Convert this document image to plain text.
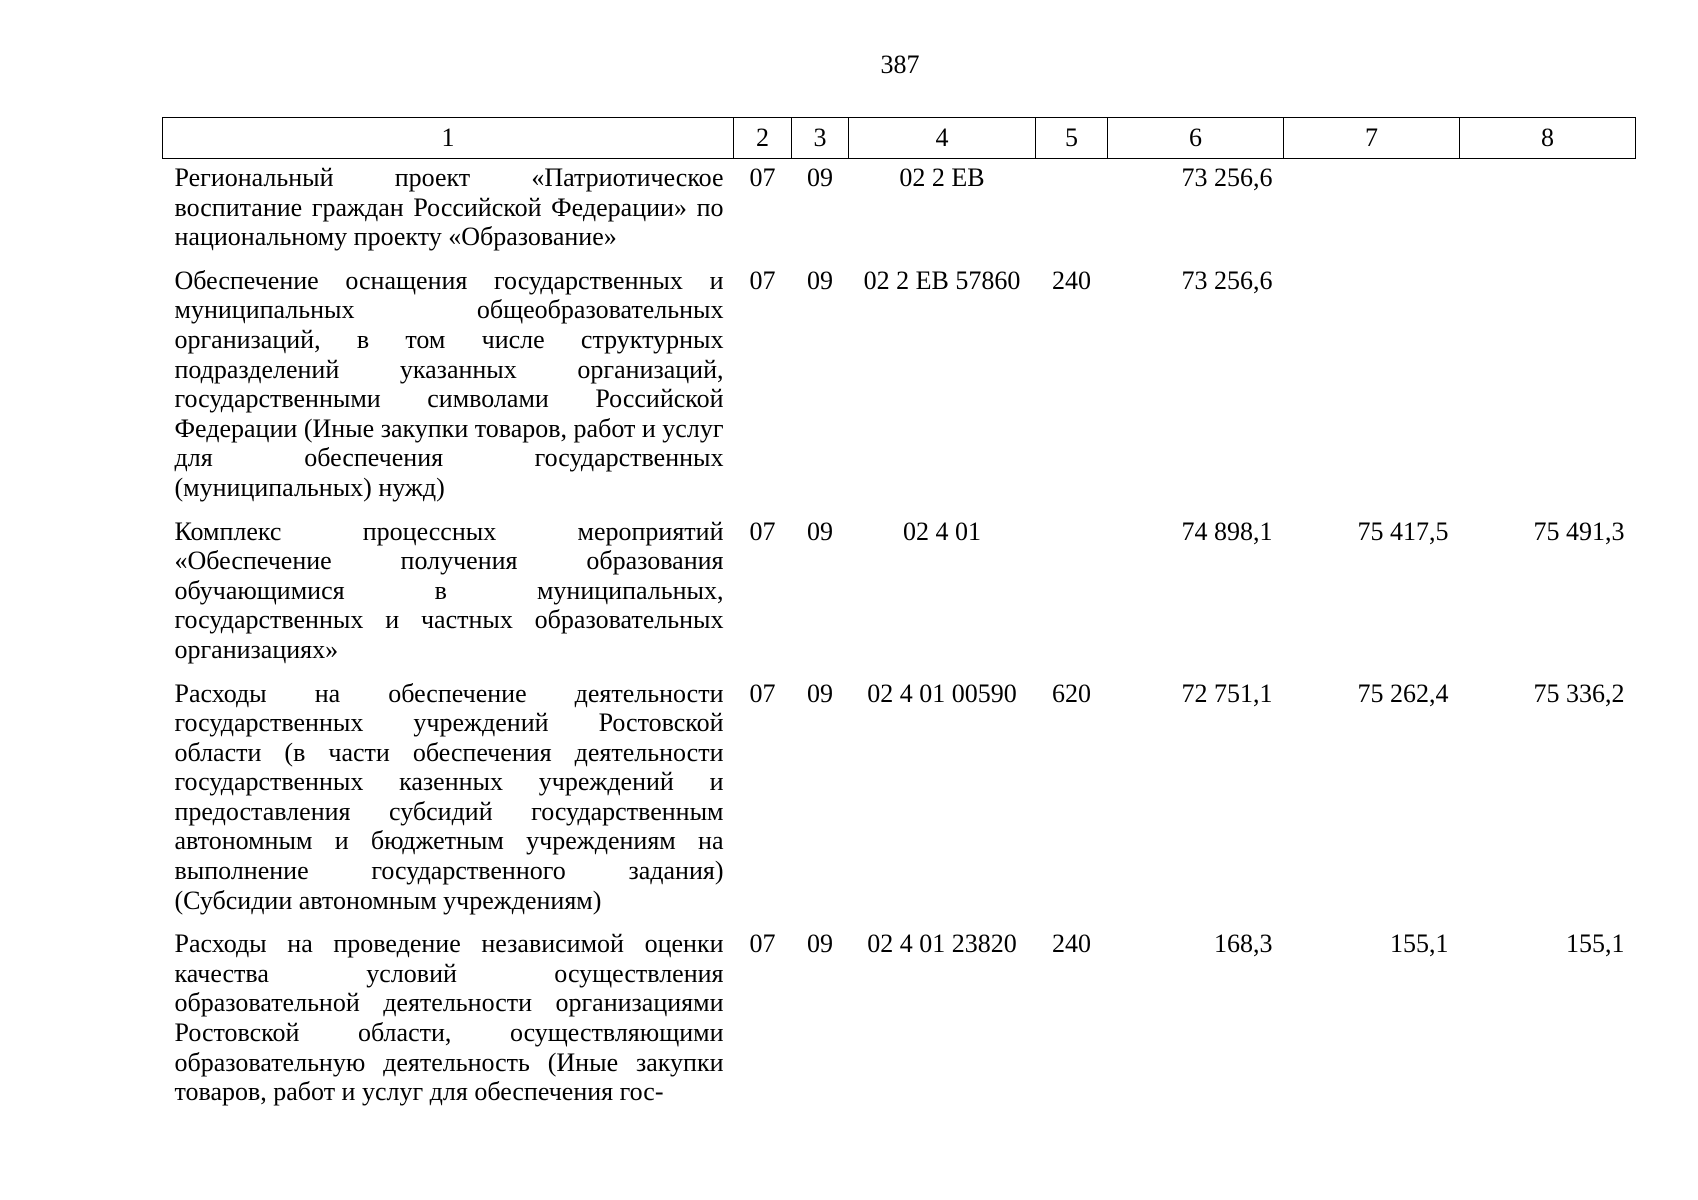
387
1	2	3	4	5	6	7	8
Региональный проект «Патриотическое воспитание граждан Российской Федерации» по национальному проекту «Образование»	07	09	02 2 EB		73 256,6		
Обеспечение оснащения государственных и муниципальных общеобразовательных организаций, в том числе структурных подразделений указанных организаций, государственными символами Российской Федерации (Иные закупки товаров, работ и услуг для обеспечения государственных (муниципальных) нужд)	07	09	02 2 EB 57860	240	73 256,6		
Комплекс процессных мероприятий «Обеспечение получения образования обучающимися в муниципальных, государственных и частных образовательных организациях»	07	09	02 4 01		74 898,1	75 417,5	75 491,3
Расходы на обеспечение деятельности государственных учреждений Ростовской области (в части обеспечения деятельности государственных казенных учреждений и предоставления субсидий государственным автономным и бюджетным учреждениям на выполнение государственного задания) (Субсидии автономным учреждениям)	07	09	02 4 01 00590	620	72 751,1	75 262,4	75 336,2
Расходы на проведение независимой оценки качества условий осуществления образовательной деятельности организациями Ростовской области, осуществляющими образовательную деятельность (Иные закупки товаров, работ и услуг для обеспечения гос-	07	09	02 4 01 23820	240	168,3	155,1	155,1
